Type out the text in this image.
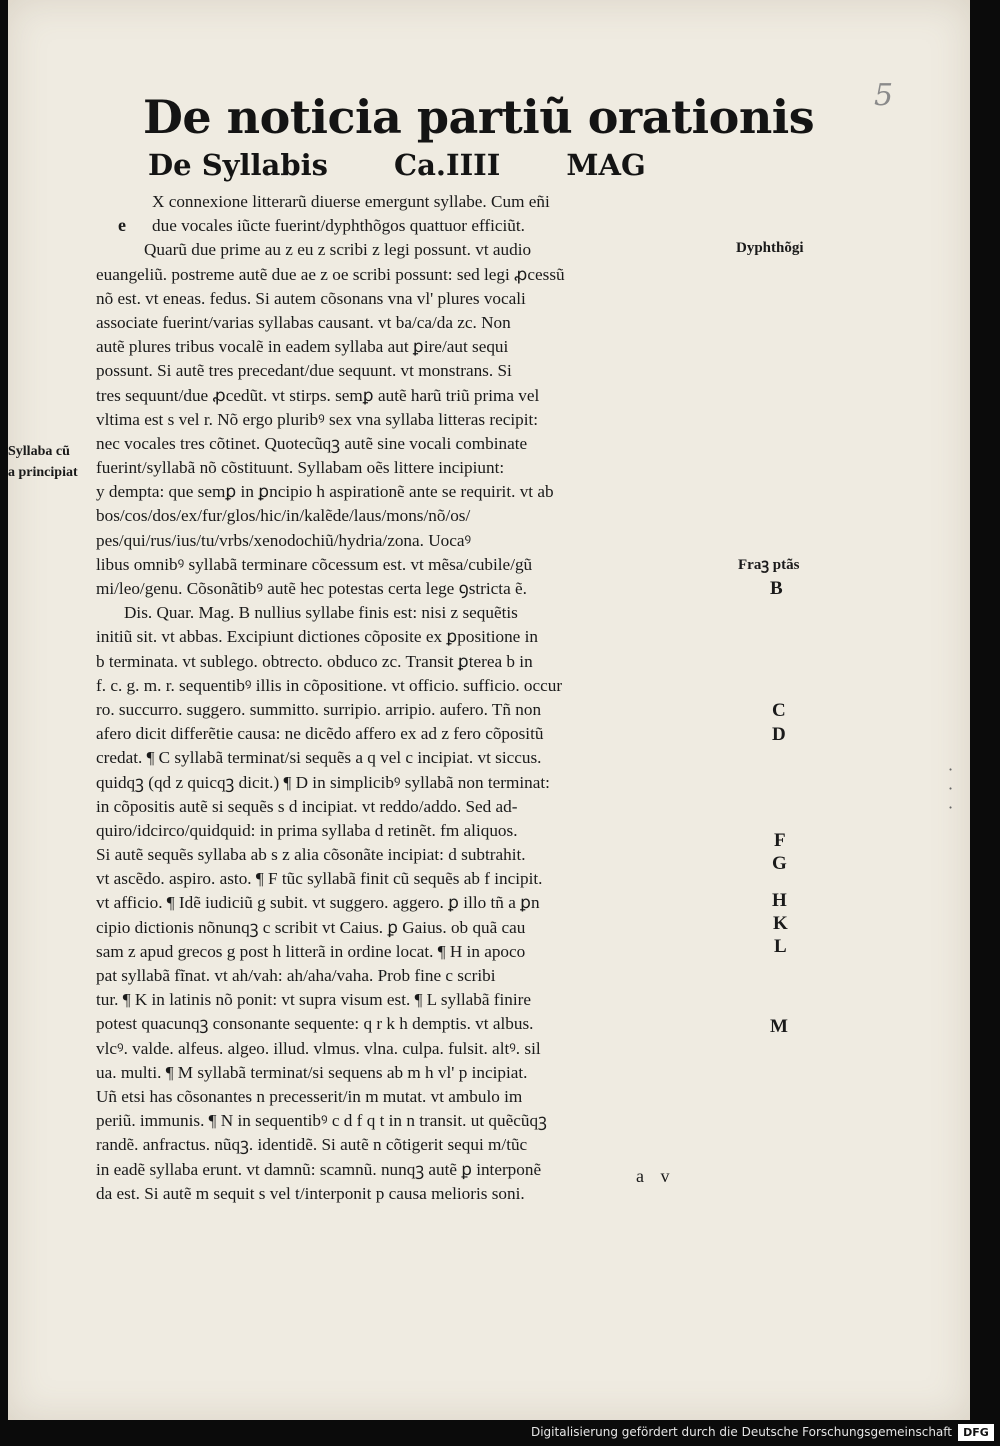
5
De noticia partiũ orationis
De Syllabis Ca.IIII MAG
X connexione litterarũ diuerse emergunt syllabe. Cum eñi
due vocales iũcte fuerint/dyphthõgos quattuor efficiũt.
Quarũ due prime au z eu z scribi z legi possunt. vt audio
euangeliũ. postreme autẽ due ae z oe scribi possunt: sed legi ꝓcessũ
nõ est. vt eneas. fedus. Si autem cõsonans vna vl' plures vocali
associate fuerint/varias syllabas causant. vt ba/ca/da zc. Non
autẽ plures tribus vocalẽ in eadem syllaba aut ꝑire/aut sequi
possunt. Si autẽ tres precedant/due sequunt. vt monstrans. Si
tres sequunt/due ꝓcedũt. vt stirps. semꝑ autẽ harũ triũ prima vel
vltima est s vel r. Nõ ergo pluribꝰ sex vna syllaba litteras recipit:
nec vocales tres cõtinet. Quotecũqꝫ autẽ sine vocali combinate
fuerint/syllabã nõ cõstituunt. Syllabam oẽs littere incipiunt:
y dempta: que semꝑ in ꝑncipio h aspirationẽ ante se requirit. vt ab
bos/cos/dos/ex/fur/glos/hic/in/kalẽde/laus/mons/nõ/os/
pes/qui/rus/ius/tu/vrbs/xenodochiũ/hydria/zona. Uocaꝰ
libus omnibꝰ syllabã terminare cõcessum est. vt mẽsa/cubile/gũ
mi/leo/genu. Cõsonãtibꝰ autẽ hec potestas certa lege ꝯstricta ẽ.
Dis. Quar. Mag. B nullius syllabe finis est: nisi z sequẽtis
initiũ sit. vt abbas. Excipiunt dictiones cõposite ex ꝑpositione in
b terminata. vt sublego. obtrecto. obduco zc. Transit ꝑterea b in
f. c. g. m. r. sequentibꝰ illis in cõpositione. vt officio. sufficio. occur
ro. succurro. suggero. summitto. surripio. arripio. aufero. Tñ non
afero dicit differẽtie causa: ne dicẽdo affero ex ad z fero cõpositũ
credat. ¶ C syllabã terminat/si sequẽs a q vel c incipiat. vt siccus.
quidqꝫ (qd z quicqꝫ dicit.) ¶ D in simplicibꝰ syllabã non terminat:
in cõpositis autẽ si sequẽs s d incipiat. vt reddo/addo. Sed ad-
quiro/idcirco/quidquid: in prima syllaba d retinẽt. fm aliquos.
Si autẽ sequẽs syllaba ab s z alia cõsonãte incipiat: d subtrahit.
vt ascẽdo. aspiro. asto. ¶ F tũc syllabã finit cũ sequẽs ab f incipit.
vt afficio. ¶ Idẽ iudiciũ g subit. vt suggero. aggero. ꝑ illo tñ a ꝑn
cipio dictionis nõnunqꝫ c scribit vt Caius. ꝑ Gaius. ob quã cau
sam z apud grecos g post h litterã in ordine locat. ¶ H in apoco
pat syllabã fĩnat. vt ah/vah: ah/aha/vaha. Prob fine c scribi
tur. ¶ K in latinis nõ ponit: vt supra visum est. ¶ L syllabã finire
potest quacunqꝫ consonante sequente: q r k h demptis. vt albus.
vlcꝰ. valde. alfeus. algeo. illud. vlmus. vlna. culpa. fulsit. altꝰ. sil
ua. multi. ¶ M syllabã terminat/si sequens ab m h vl' p incipiat.
Uñ etsi has cõsonantes n precesserit/in m mutat. vt ambulo im
periũ. immunis. ¶ N in sequentibꝰ c d f q t in n transit. ut quẽcũqꝫ
randẽ. anfractus. nũqꝫ. identidẽ. Si autẽ n cõtigerit sequi m/tũc
in eadẽ syllaba erunt. vt damnũ: scamnũ. nunqꝫ autẽ ꝑ interponẽ
da est. Si autẽ m sequit s vel t/interponit p causa melioris soni.
e
Syllaba cũ
a principiat
Dyphthõgi
Fraꝫ ptãs
B
C
D
F
G
H
K
L
M
· · ·
a v
Digitalisierung gefördert durch die Deutsche Forschungsgemeinschaft	DFG
